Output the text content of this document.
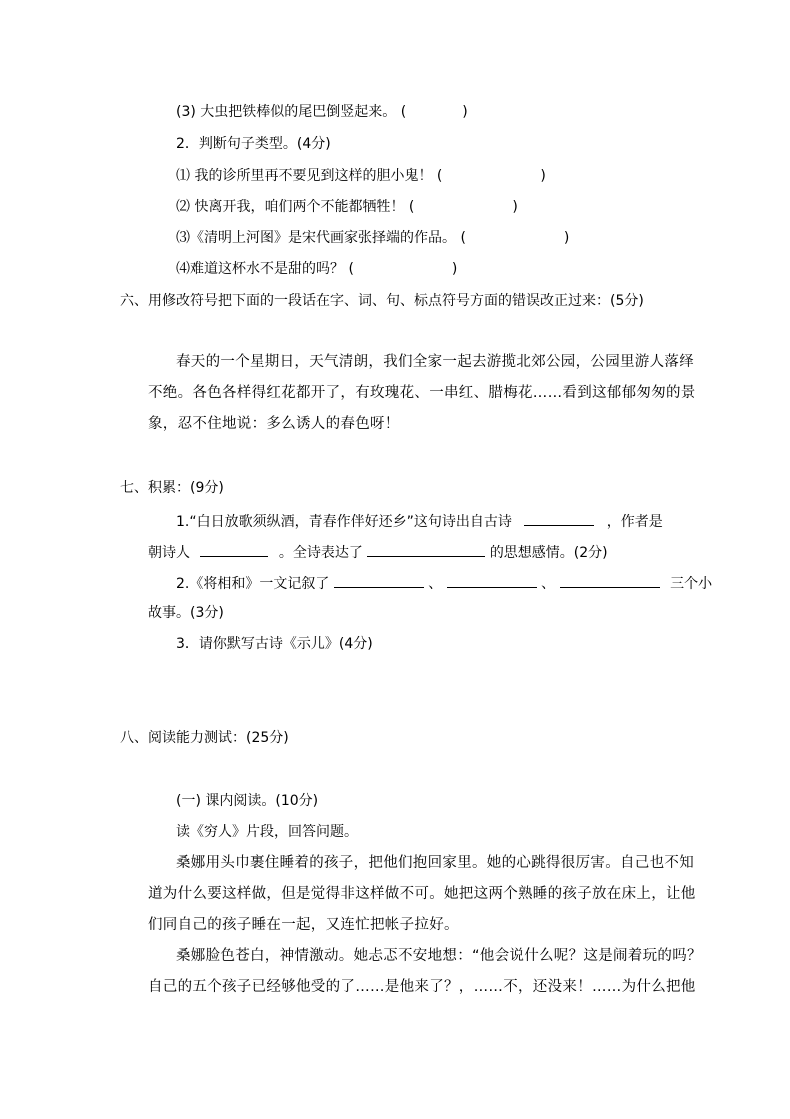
(3) 大虫把铁棒似的尾巴倒竖起来。 (　　　　)
2．判断句子类型。(4分)
⑴ 我的诊所里再不要见到这样的胆小鬼！ (　　　　　　　)
⑵ 快离开我，咱们两个不能都牺牲！ (　　　　　　　)
⑶《清明上河图》是宋代画家张择端的作品。 (　　　　　　　)
⑷难道这杯水不是甜的吗？ (　　　　　　　)
六、用修改符号把下面的一段话在字、词、句、标点符号方面的错误改正过来：(5分)
春天的一个星期日，天气清朗，我们全家一起去游揽北郊公园，公园里游人落绎
不绝。各色各样得红花都开了，有玫瑰花、一串红、腊梅花……看到这郁郁匆匆的景
象，忍不住地说：多么诱人的春色呀！
七、积累：(9分)
1.“白日放歌须纵酒，青春作伴好还乡”这句诗出自古诗	，作者是
朝诗人	。全诗表达了	的思想感情。(2分)
2.《将相和》一文记叙了	、	、	三个小
故事。(3分)
3．请你默写古诗《示儿》(4分)
八、阅读能力测试：(25分)
(一) 课内阅读。(10分)
读《穷人》片段，回答问题。
桑娜用头巾裹住睡着的孩子，把他们抱回家里。她的心跳得很厉害。自己也不知
道为什么要这样做，但是觉得非这样做不可。她把这两个熟睡的孩子放在床上，让他
们同自己的孩子睡在一起，又连忙把帐子拉好。
桑娜脸色苍白，神情激动。她忐忑不安地想：“他会说什么呢？这是闹着玩的吗？
自己的五个孩子已经够他受的了……是他来了？，……不，还没来！……为什么把他
